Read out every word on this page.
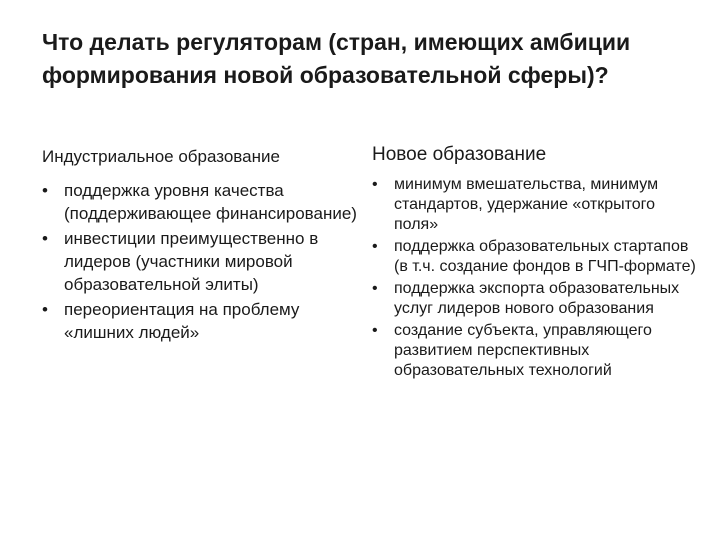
Что делать регуляторам (стран, имеющих амбиции формирования новой образовательной сферы)?
Индустриальное образование
• поддержка уровня качества (поддерживающее финансирование)
• инвестиции преимущественно в лидеров (участники мировой образовательной элиты)
• переориентация на проблему «лишних людей»
Новое образование
• минимум вмешательства, минимум стандартов, удержание «открытого поля»
• поддержка образовательных стартапов (в т.ч. создание фондов в ГЧП-формате)
• поддержка экспорта образовательных услуг лидеров нового образования
• создание субъекта, управляющего развитием перспективных образовательных технологий
